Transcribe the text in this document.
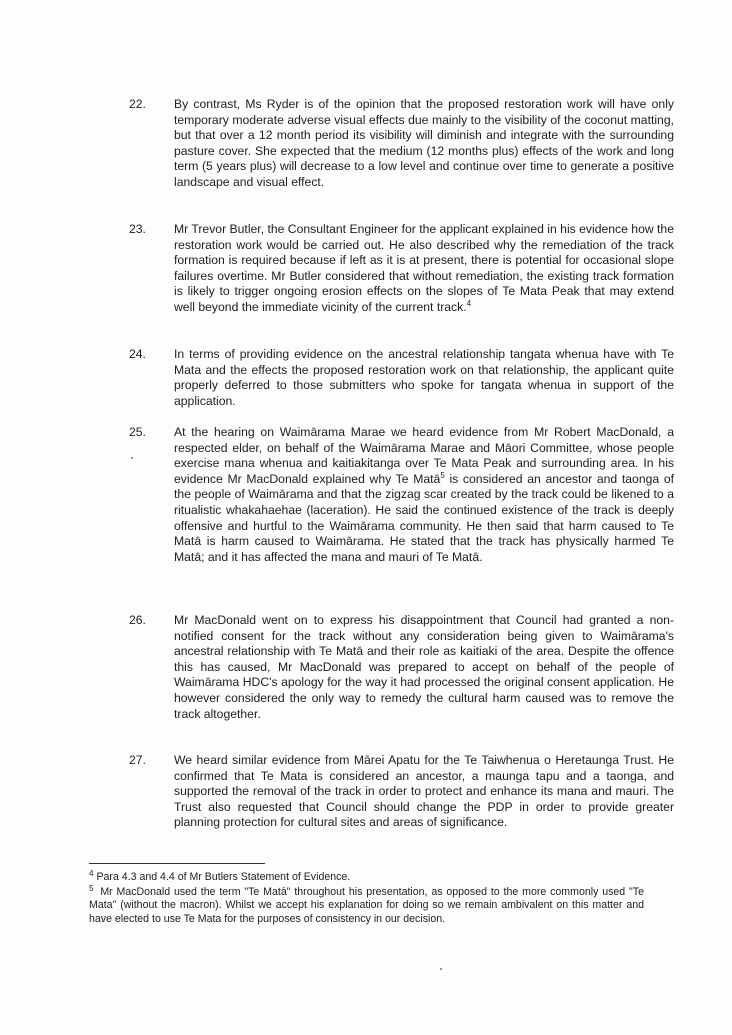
22. By contrast, Ms Ryder is of the opinion that the proposed restoration work will have only temporary moderate adverse visual effects due mainly to the visibility of the coconut matting, but that over a 12 month period its visibility will diminish and integrate with the surrounding pasture cover. She expected that the medium (12 months plus) effects of the work and long term (5 years plus) will decrease to a low level and continue over time to generate a positive landscape and visual effect.
23. Mr Trevor Butler, the Consultant Engineer for the applicant explained in his evidence how the restoration work would be carried out. He also described why the remediation of the track formation is required because if left as it is at present, there is potential for occasional slope failures overtime. Mr Butler considered that without remediation, the existing track formation is likely to trigger ongoing erosion effects on the slopes of Te Mata Peak that may extend well beyond the immediate vicinity of the current track.$^4$
24. In terms of providing evidence on the ancestral relationship tangata whenua have with Te Mata and the effects the proposed restoration work on that relationship, the applicant quite properly deferred to those submitters who spoke for tangata whenua in support of the application.
25. At the hearing on Waimārama Marae we heard evidence from Mr Robert MacDonald, a respected elder, on behalf of the Waimārama Marae and Māori Committee, whose people exercise mana whenua and kaitiakitanga over Te Mata Peak and surrounding area. In his evidence Mr MacDonald explained why Te Matā$^5$ is considered an ancestor and taonga of the people of Waimārama and that the zigzag scar created by the track could be likened to a ritualistic whakahaehae (laceration). He said the continued existence of the track is deeply offensive and hurtful to the Waimārama community. He then said that harm caused to Te Matā is harm caused to Waimārama. He stated that the track has physically harmed Te Matā; and it has affected the mana and mauri of Te Matā.
26. Mr MacDonald went on to express his disappointment that Council had granted a non-notified consent for the track without any consideration being given to Waimārama's ancestral relationship with Te Matā and their role as kaitiaki of the area. Despite the offence this has caused, Mr MacDonald was prepared to accept on behalf of the people of Waimārama HDC's apology for the way it had processed the original consent application. He however considered the only way to remedy the cultural harm caused was to remove the track altogether.
27. We heard similar evidence from Mārei Apatu for the Te Taiwhenua o Heretaunga Trust. He confirmed that Te Mata is considered an ancestor, a maunga tapu and a taonga, and supported the removal of the track in order to protect and enhance its mana and mauri. The Trust also requested that Council should change the PDP in order to provide greater planning protection for cultural sites and areas of significance.
$^4$ Para 4.3 and 4.4 of Mr Butlers Statement of Evidence.
$^5$ Mr MacDonald used the term "Te Matā" throughout his presentation, as opposed to the more commonly used "Te Mata" (without the macron). Whilst we accept his explanation for doing so we remain ambivalent on this matter and have elected to use Te Mata for the purposes of consistency in our decision.
